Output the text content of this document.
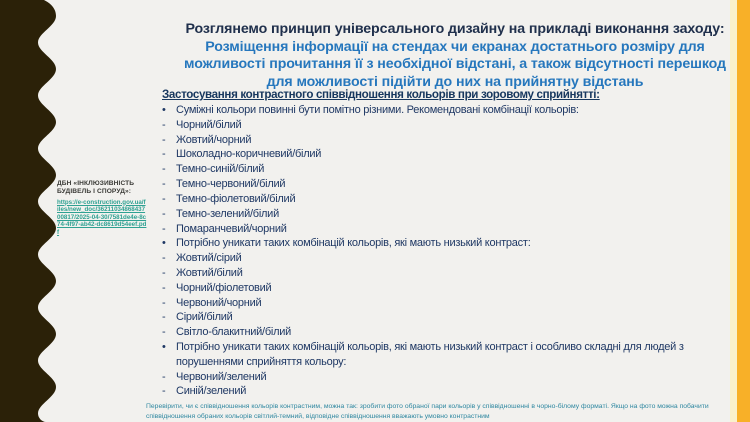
ДБН «ІНКЛЮЗИВНІСТЬ БУДІВЕЛЬ І СПОРУД»:
https://e-construction.gov.ua/files/new_doc/3621103486843700817/2025-04-30/7581de4e-8c74-4f97-ab42-dc8619d54eef.pdf
Розглянемо принцип універсального дизайну на прикладі виконання заходу:
Розміщення інформації на стендах чи екранах достатнього розміру для
можливості прочитання її з необхідної відстані, а також відсутності перешкод
для можливості підійти до них на прийнятну відстань
Застосування контрастного співвідношення кольорів при зоровому сприйнятті:
• Суміжні кольори повинні бути помітно різними. Рекомендовані комбінації кольорів:
- Чорний/білий
- Жовтий/чорний
- Шоколадно-коричневий/білий
- Темно-синій/білий
- Темно-червоний/білий
- Темно-фіолетовий/білий
- Темно-зелений/білий
- Помаранчевий/чорний
• Потрібно уникати таких комбінацій кольорів, які мають низький контраст:
- Жовтий/сірий
- Жовтий/білий
- Чорний/фіолетовий
- Червоний/чорний
- Сірий/білий
- Світло-блакитний/білий
• Потрібно уникати таких комбінацій кольорів, які мають низький контраст і особливо складні для людей з порушеннями сприйняття кольору:
- Червоний/зелений
- Синій/зелений
Перевірити, чи є співвідношення кольорів контрастним, можна так: зробити фото обраної пари кольорів у співвідношенні в чорно-білому форматі. Якщо на фото можна побачити співвідношення обраних кольорів світлий-темний, відповідне співвідношення вважають умовно контрастним
